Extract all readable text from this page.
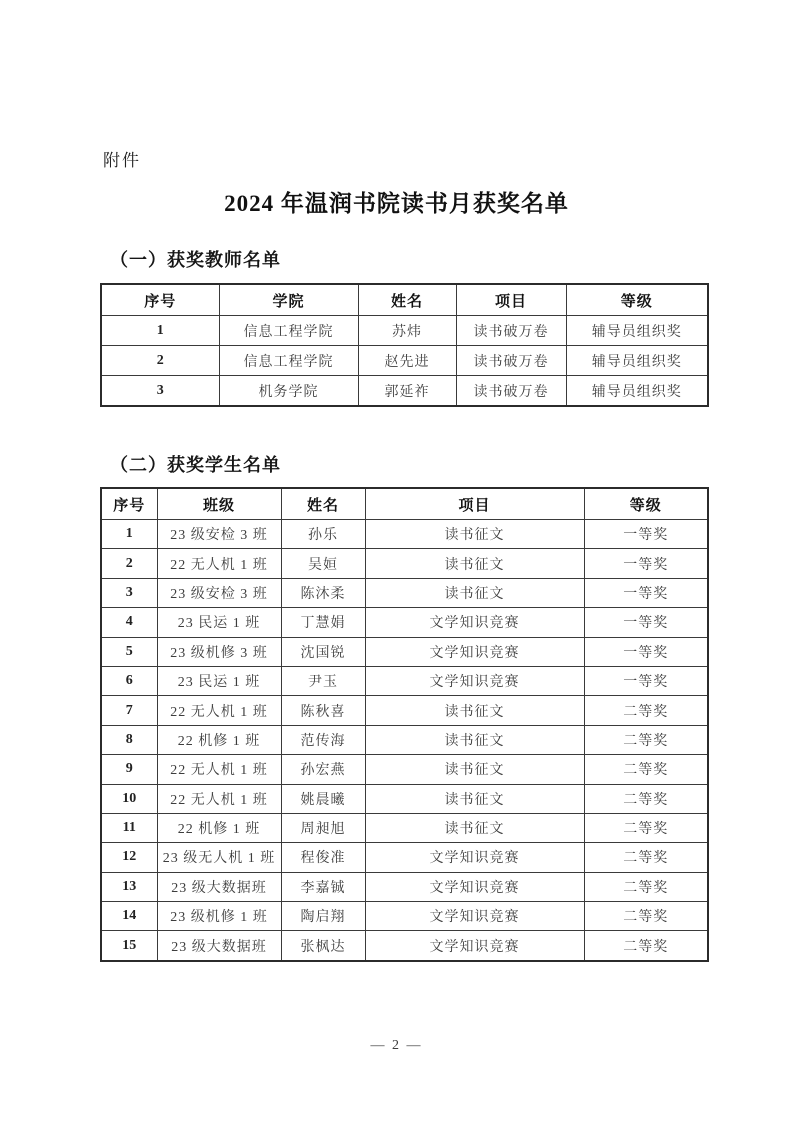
附件
2024 年温润书院读书月获奖名单
（一）获奖教师名单
序号	学院	姓名	项目	等级
1	信息工程学院	苏炜	读书破万卷	辅导员组织奖
2	信息工程学院	赵先进	读书破万卷	辅导员组织奖
3	机务学院	郭延祚	读书破万卷	辅导员组织奖
（二）获奖学生名单
序号	班级	姓名	项目	等级
1	23 级安检 3 班	孙乐	读书征文	一等奖
2	22 无人机 1 班	吴姮	读书征文	一等奖
3	23 级安检 3 班	陈沐柔	读书征文	一等奖
4	23 民运 1 班	丁慧娟	文学知识竞赛	一等奖
5	23 级机修 3 班	沈国锐	文学知识竞赛	一等奖
6	23 民运 1 班	尹玉	文学知识竞赛	一等奖
7	22 无人机 1 班	陈秋喜	读书征文	二等奖
8	22 机修 1 班	范传海	读书征文	二等奖
9	22 无人机 1 班	孙宏燕	读书征文	二等奖
10	22 无人机 1 班	姚晨曦	读书征文	二等奖
11	22 机修 1 班	周昶旭	读书征文	二等奖
12	23 级无人机 1 班	程俊准	文学知识竞赛	二等奖
13	23 级大数据班	李嘉铖	文学知识竞赛	二等奖
14	23 级机修 1 班	陶启翔	文学知识竞赛	二等奖
15	23 级大数据班	张枫达	文学知识竞赛	二等奖
— 2 —
